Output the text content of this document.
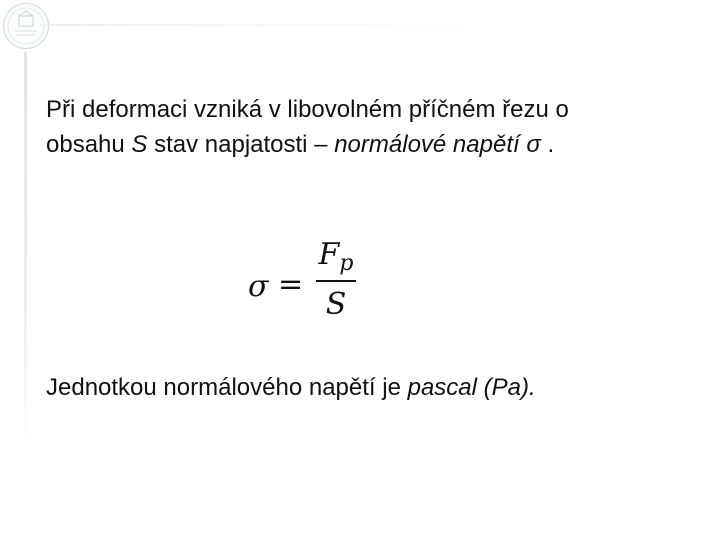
Při deformaci vzniká v libovolném příčném řezu o
obsahu S stav napjatosti – normálové napětí σ .

σ =
$F_p$
S

Jednotkou normálového napětí je pascal (Pa).
